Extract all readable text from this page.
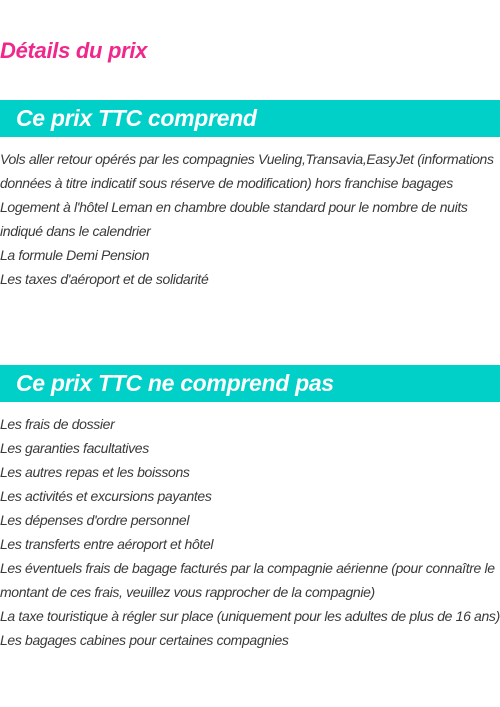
Détails du prix
Ce prix TTC comprend
Vols aller retour opérés par les compagnies Vueling,Transavia,EasyJet (informations données à titre indicatif sous réserve de modification) hors franchise bagages
Logement à l'hôtel Leman en chambre double standard pour le nombre de nuits indiqué dans le calendrier
La formule Demi Pension
Les taxes d'aéroport et de solidarité
Ce prix TTC ne comprend pas
Les frais de dossier
Les garanties facultatives
Les autres repas et les boissons
Les activités et excursions payantes
Les dépenses d'ordre personnel
Les transferts entre aéroport et hôtel
Les éventuels frais de bagage facturés par la compagnie aérienne (pour connaître le montant de ces frais, veuillez vous rapprocher de la compagnie)
La taxe touristique à régler sur place (uniquement pour les adultes de plus de 16 ans)
Les bagages cabines pour certaines compagnies
